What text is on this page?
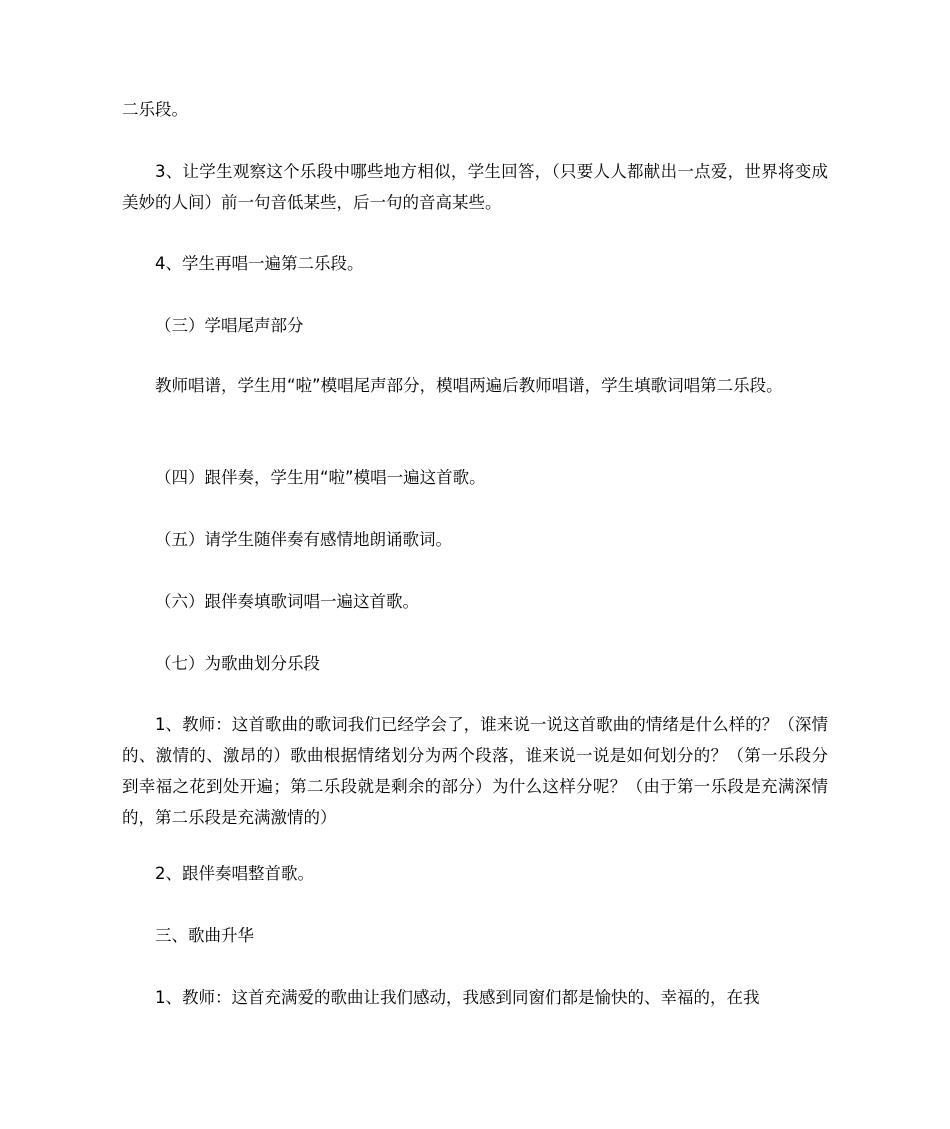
二乐段。

3、让学生观察这个乐段中哪些地方相似，学生回答，（只要人人都献出一点爱，世界将变成美妙的人间）前一句音低某些，后一句的音高某些。

4、学生再唱一遍第二乐段。

（三）学唱尾声部分

教师唱谱，学生用“啦”模唱尾声部分，模唱两遍后教师唱谱，学生填歌词唱第二乐段。

（四）跟伴奏，学生用“啦”模唱一遍这首歌。

（五）请学生随伴奏有感情地朗诵歌词。

（六）跟伴奏填歌词唱一遍这首歌。

（七）为歌曲划分乐段

1、教师：这首歌曲的歌词我们已经学会了，谁来说一说这首歌曲的情绪是什么样的？（深情的、激情的、激昂的）歌曲根据情绪划分为两个段落，谁来说一说是如何划分的？（第一乐段分到幸福之花到处开遍；第二乐段就是剩余的部分）为什么这样分呢？（由于第一乐段是充满深情的，第二乐段是充满激情的）

2、跟伴奏唱整首歌。

三、歌曲升华

1、教师：这首充满爱的歌曲让我们感动，我感到同窗们都是愉快的、幸福的，在我
